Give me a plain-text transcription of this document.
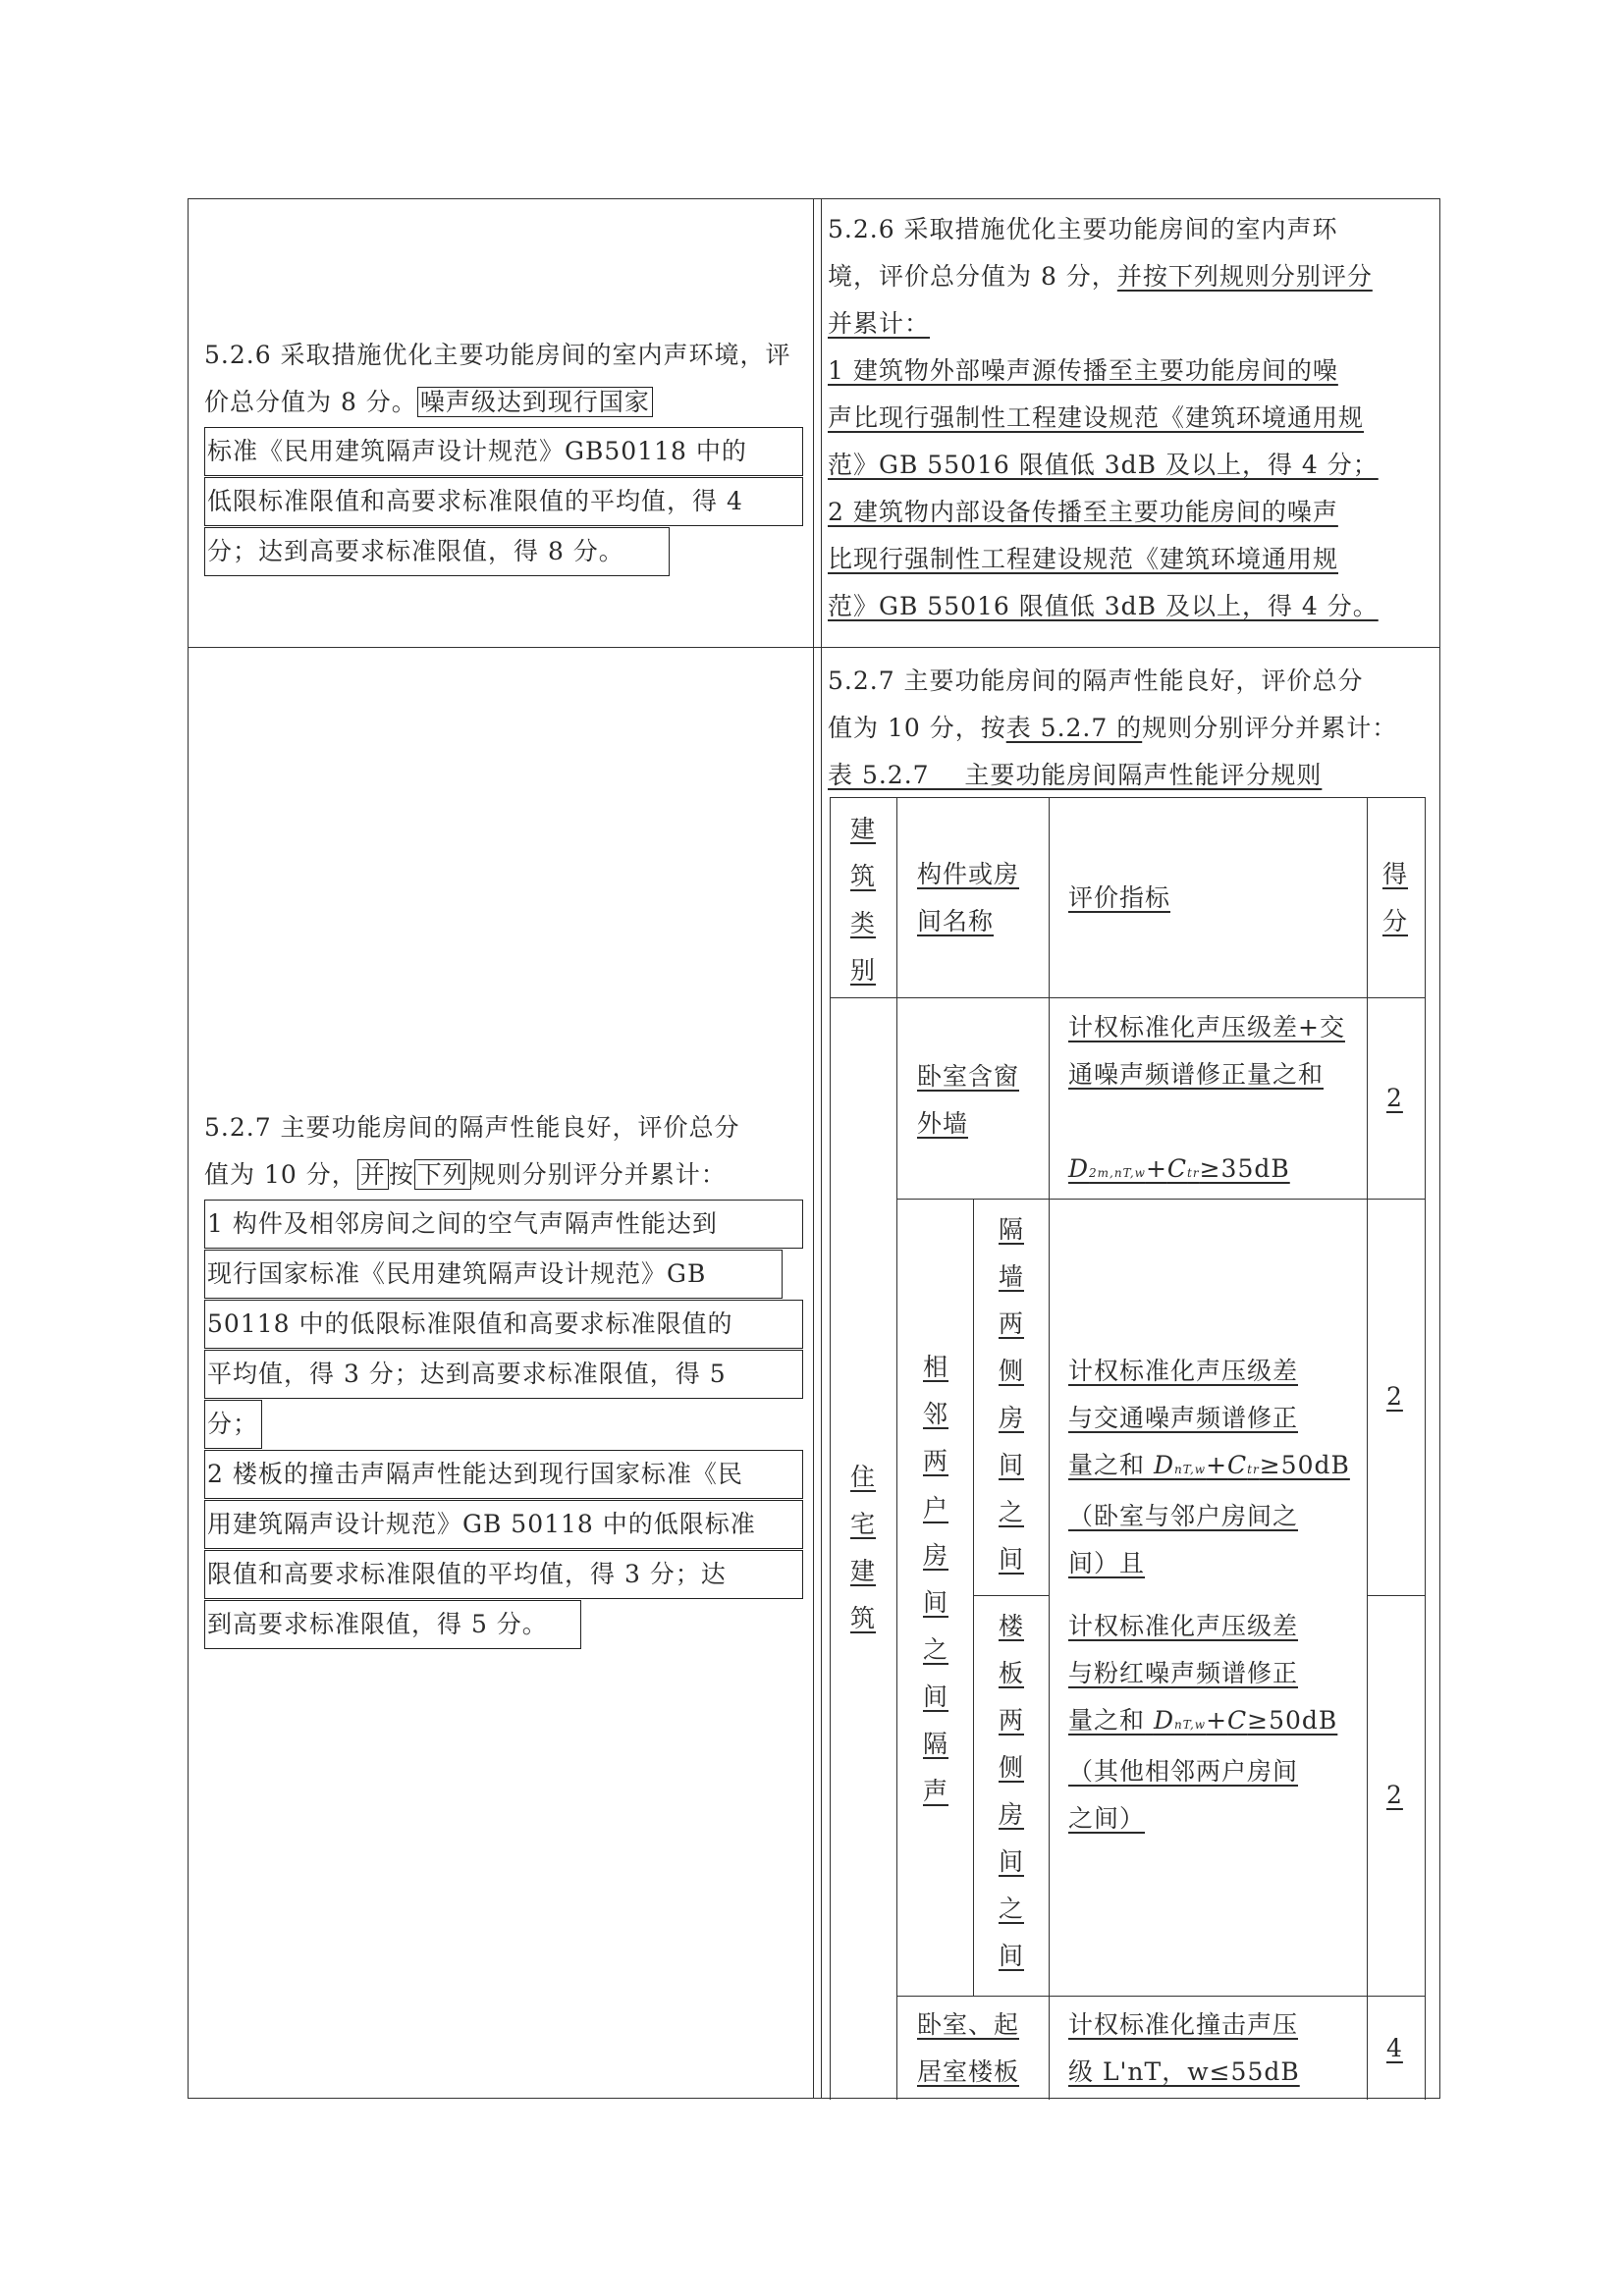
5.2.6 采取措施优化主要功能房间的室内声环境，评价总分值为 8 分。 噪声级达到现行国家
标准《民用建筑隔声设计规范》GB50118 中的
低限标准限值和高要求标准限值的平均值，得 4
分；达到高要求标准限值，得 8 分。
5.2.7 主要功能房间的隔声性能良好，评价总分
值为 10 分， 并 按 下列 规则分别评分并累计：
1 构件及相邻房间之间的空气声隔声性能达到
现行国家标准《民用建筑隔声设计规范》GB
50118 中的低限标准限值和高要求标准限值的
平均值，得 3 分；达到高要求标准限值，得 5
分；
2 楼板的撞击声隔声性能达到现行国家标准《民
用建筑隔声设计规范》GB 50118 中的低限标准
限值和高要求标准限值的平均值，得 3 分；达
到高要求标准限值，得 5 分。
5.2.6 采取措施优化主要功能房间的室内声环
境，评价总分值为 8 分，并按下列规则分别评分
并累计：
1 建筑物外部噪声源传播至主要功能房间的噪
声比现行强制性工程建设规范《建筑环境通用规
范》GB 55016 限值低 3dB 及以上，得 4 分；
2 建筑物内部设备传播至主要功能房间的噪声
比现行强制性工程建设规范《建筑环境通用规
范》GB 55016 限值低 3dB 及以上，得 4 分。
5.2.7 主要功能房间的隔声性能良好，评价总分
值为 10 分，按表 5.2.7 的规则分别评分并累计：
表 5.2.7    主要功能房间隔声性能评分规则
建筑类别
构件或房间名称
评价指标
得分
住宅建筑
卧室含窗外墙
计权标准化声压级差+交通噪声频谱修正量之和
D2m,nT,w+Ctr≥35dB
2
相邻两户房间之间隔声
隔墙两侧房间之间
楼板两侧房间之间
计权标准化声压级差
与交通噪声频谱修正
量之和 DnT,w+Ctr≥50dB
（卧室与邻户房间之
间）且
2
计权标准化声压级差
与粉红噪声频谱修正
量之和 DnT,w+C≥50dB
（其他相邻两户房间
之间）
2
卧室、起
居室楼板
计权标准化撞击声压
级 L'nT，w≤55dB
4
